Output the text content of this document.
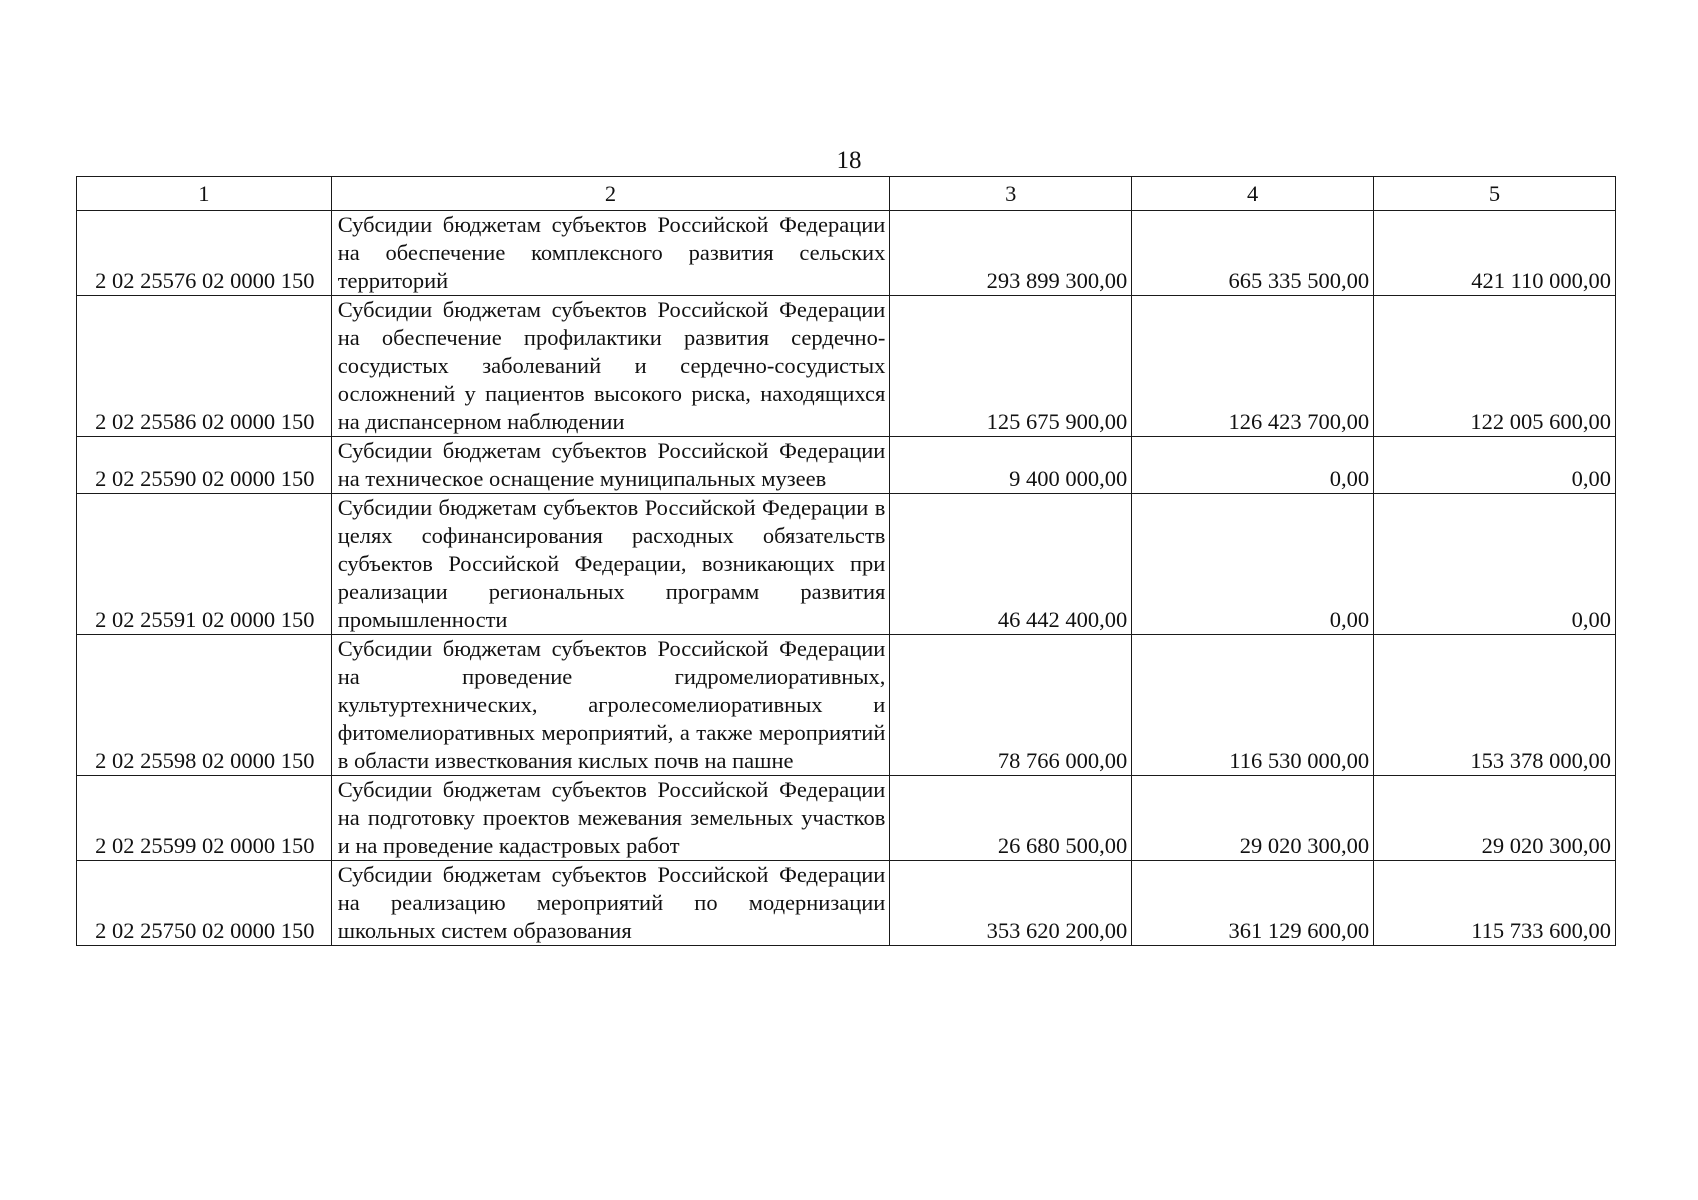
18
1	2	3	4	5
2 02 25576 02 0000 150	Субсидии бюджетам субъектов Российской Федерации на обеспечение комплексного развития сельских территорий	293 899 300,00	665 335 500,00	421 110 000,00
2 02 25586 02 0000 150	Субсидии бюджетам субъектов Российской Федерации на обеспечение профилактики развития сердечно-сосудистых заболеваний и сердечно-сосудистых осложнений у пациентов высокого риска, находящихся на диспансерном наблюдении	125 675 900,00	126 423 700,00	122 005 600,00
2 02 25590 02 0000 150	Субсидии бюджетам субъектов Российской Федерации на техническое оснащение муниципальных музеев	9 400 000,00	0,00	0,00
2 02 25591 02 0000 150	Субсидии бюджетам субъектов Российской Федерации в целях софинансирования расходных обязательств субъектов Российской Федерации, возникающих при реализации региональных программ развития промышленности	46 442 400,00	0,00	0,00
2 02 25598 02 0000 150	Субсидии бюджетам субъектов Российской Федерации на проведение гидромелиоративных, культуртехнических, агролесомелиоративных и фитомелиоративных мероприятий, а также мероприятий в области известкования кислых почв на пашне	78 766 000,00	116 530 000,00	153 378 000,00
2 02 25599 02 0000 150	Субсидии бюджетам субъектов Российской Федерации на подготовку проектов межевания земельных участков и на проведение кадастровых работ	26 680 500,00	29 020 300,00	29 020 300,00
2 02 25750 02 0000 150	Субсидии бюджетам субъектов Российской Федерации на реализацию мероприятий по модернизации школьных систем образования	353 620 200,00	361 129 600,00	115 733 600,00
